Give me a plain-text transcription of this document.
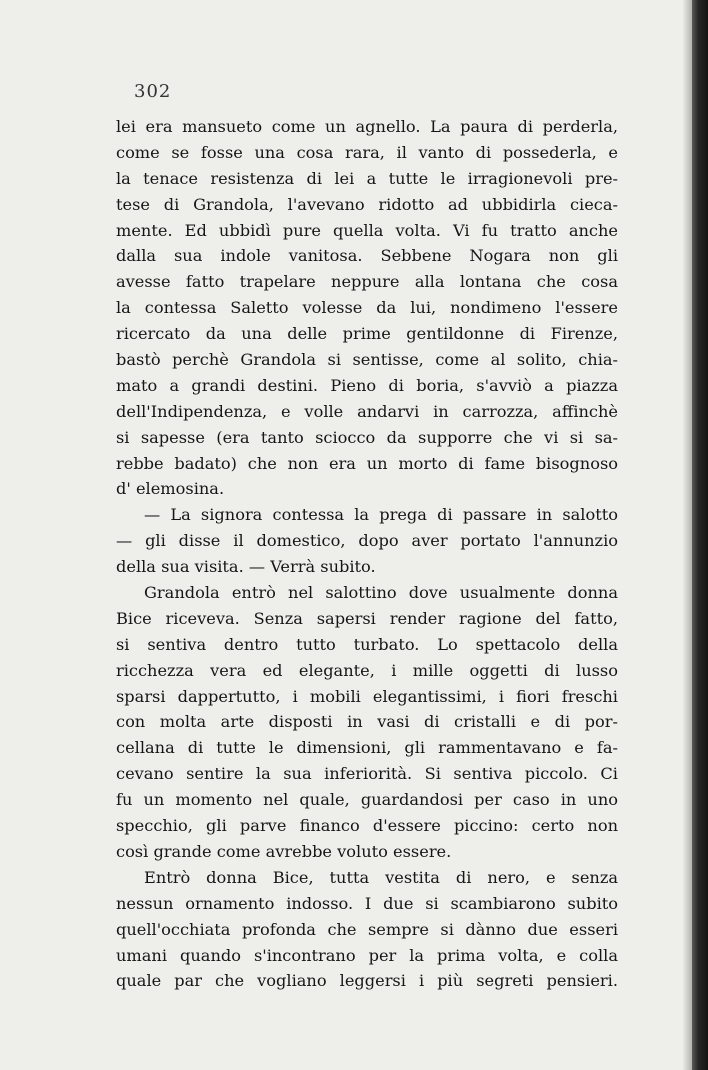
302
lei era mansueto come un agnello. La paura di perderla,
come se fosse una cosa rara, il vanto di possederla, e
la tenace resistenza di lei a tutte le irragionevoli pre-
tese di Grandola, l'avevano ridotto ad ubbidirla cieca-
mente. Ed ubbidì pure quella volta. Vi fu tratto anche
dalla sua indole vanitosa. Sebbene Nogara non gli
avesse fatto trapelare neppure alla lontana che cosa
la contessa Saletto volesse da lui, nondimeno l'essere
ricercato da una delle prime gentildonne di Firenze,
bastò perchè Grandola si sentisse, come al solito, chia-
mato a grandi destini. Pieno di boria, s'avviò a piazza
dell'Indipendenza, e volle andarvi in carrozza, affinchè
si sapesse (era tanto sciocco da supporre che vi si sa-
rebbe badato) che non era un morto di fame bisognoso
d' elemosina.
— La signora contessa la prega di passare in salotto
— gli disse il domestico, dopo aver portato l'annunzio
della sua visita. — Verrà subito.
Grandola entrò nel salottino dove usualmente donna
Bice riceveva. Senza sapersi render ragione del fatto,
si sentiva dentro tutto turbato. Lo spettacolo della
ricchezza vera ed elegante, i mille oggetti di lusso
sparsi dappertutto, i mobili elegantissimi, i fiori freschi
con molta arte disposti in vasi di cristalli e di por-
cellana di tutte le dimensioni, gli rammentavano e fa-
cevano sentire la sua inferiorità. Si sentiva piccolo. Ci
fu un momento nel quale, guardandosi per caso in uno
specchio, gli parve financo d'essere piccino: certo non
così grande come avrebbe voluto essere.
Entrò donna Bice, tutta vestita di nero, e senza
nessun ornamento indosso. I due si scambiarono subito
quell'occhiata profonda che sempre si dànno due esseri
umani quando s'incontrano per la prima volta, e colla
quale par che vogliano leggersi i più segreti pensieri.
